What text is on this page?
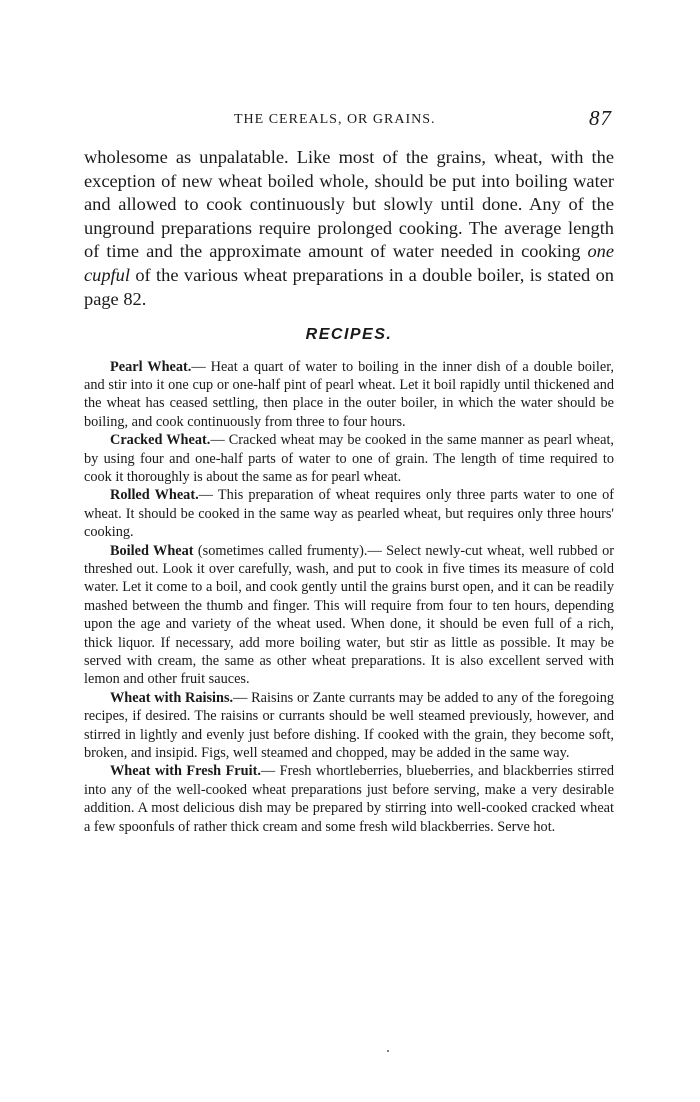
THE CEREALS, OR GRAINS.	87

wholesome as unpalatable. Like most of the grains, wheat, with the exception of new wheat boiled whole, should be put into boiling water and allowed to cook continuously but slowly until done. Any of the unground preparations require prolonged cooking. The average length of time and the approximate amount of water needed in cooking one cupful of the various wheat preparations in a double boiler, is stated on page 82.

RECIPES.

Pearl Wheat.— Heat a quart of water to boiling in the inner dish of a double boiler, and stir into it one cup or one-half pint of pearl wheat. Let it boil rapidly until thickened and the wheat has ceased settling, then place in the outer boiler, in which the water should be boiling, and cook continuously from three to four hours.

Cracked Wheat.— Cracked wheat may be cooked in the same manner as pearl wheat, by using four and one-half parts of water to one of grain. The length of time required to cook it thoroughly is about the same as for pearl wheat.

Rolled Wheat.— This preparation of wheat requires only three parts water to one of wheat. It should be cooked in the same way as pearled wheat, but requires only three hours' cooking.

Boiled Wheat (sometimes called frumenty).— Select newly-cut wheat, well rubbed or threshed out. Look it over carefully, wash, and put to cook in five times its measure of cold water. Let it come to a boil, and cook gently until the grains burst open, and it can be readily mashed between the thumb and finger. This will require from four to ten hours, depending upon the age and variety of the wheat used. When done, it should be even full of a rich, thick liquor. If necessary, add more boiling water, but stir as little as possible. It may be served with cream, the same as other wheat preparations. It is also excellent served with lemon and other fruit sauces.

Wheat with Raisins.— Raisins or Zante currants may be added to any of the foregoing recipes, if desired. The raisins or currants should be well steamed previously, however, and stirred in lightly and evenly just before dishing. If cooked with the grain, they become soft, broken, and insipid. Figs, well steamed and chopped, may be added in the same way.

Wheat with Fresh Fruit.— Fresh whortleberries, blueberries, and blackberries stirred into any of the well-cooked wheat preparations just before serving, make a very desirable addition. A most delicious dish may be prepared by stirring into well-cooked cracked wheat a few spoonfuls of rather thick cream and some fresh wild blackberries. Serve hot.
